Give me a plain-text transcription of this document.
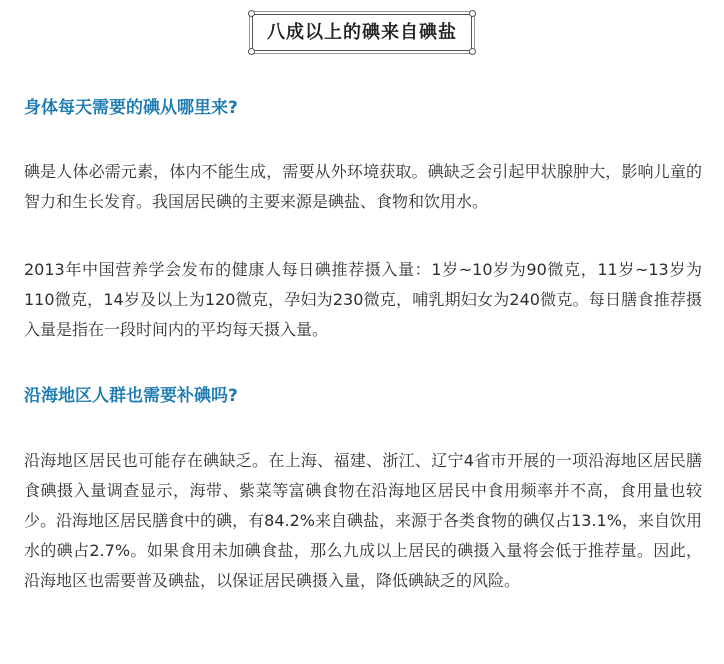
八成以上的碘来自碘盐
身体每天需要的碘从哪里来?

碘是人体必需元素，体内不能生成，需要从外环境获取。碘缺乏会引起甲状腺肿大，影响儿童的智力和生长发育。我国居民碘的主要来源是碘盐、食物和饮用水。

2013年中国营养学会发布的健康人每日碘推荐摄入量：1岁~10岁为90微克，11岁~13岁为110微克，14岁及以上为120微克，孕妇为230微克，哺乳期妇女为240微克。每日膳食推荐摄入量是指在一段时间内的平均每天摄入量。

沿海地区人群也需要补碘吗?

沿海地区居民也可能存在碘缺乏。在上海、福建、浙江、辽宁4省市开展的一项沿海地区居民膳食碘摄入量调查显示，海带、紫菜等富碘食物在沿海地区居民中食用频率并不高，食用量也较少。沿海地区居民膳食中的碘，有84.2%来自碘盐，来源于各类食物的碘仅占13.1%，来自饮用水的碘占2.7%。如果食用未加碘食盐，那么九成以上居民的碘摄入量将会低于推荐量。因此，沿海地区也需要普及碘盐，以保证居民碘摄入量，降低碘缺乏的风险。
